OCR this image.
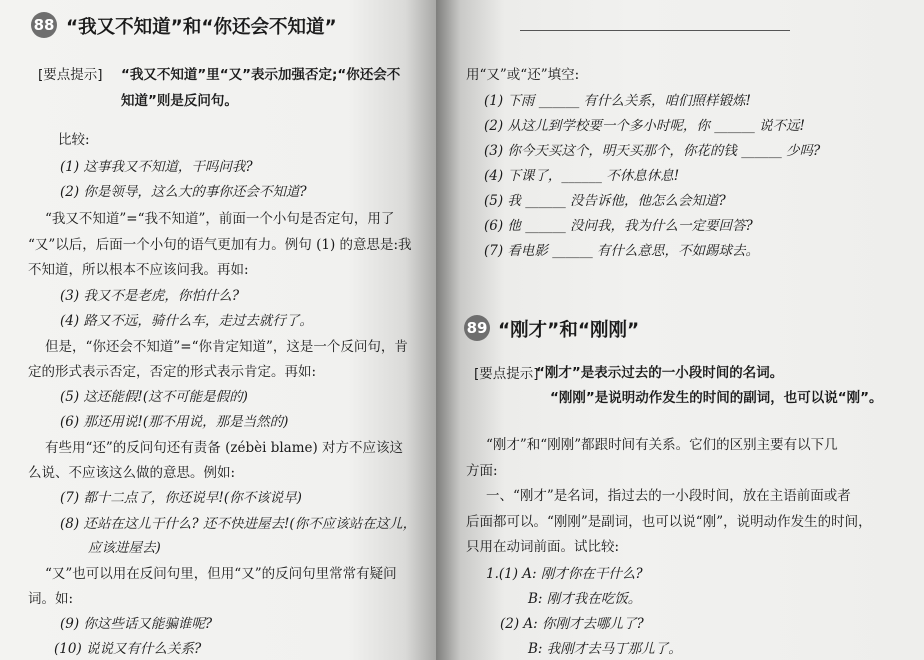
88 “我又不知道”和“你还会不知道”
[要点提示] “我又不知道”里“又”表示加强否定;“你还会不
知道”则是反问句。
比较:
(1) 这事我又不知道，干吗问我?
(2) 你是领导，这么大的事你还会不知道?
“我又不知道”=“我不知道”，前面一个小句是否定句，用了
“又”以后，后面一个小句的语气更加有力。例句 (1) 的意思是:我
不知道，所以根本不应该问我。再如:
(3) 我又不是老虎，你怕什么?
(4) 路又不远，骑什么车，走过去就行了。
但是，“你还会不知道”=“你肯定知道”，这是一个反问句，肯
定的形式表示否定，否定的形式表示肯定。再如:
(5) 这还能假!(这不可能是假的)
(6) 那还用说!(那不用说，那是当然的)
有些用“还”的反问句还有责备 (zébèi blame) 对方不应该这
么说、不应该这么做的意思。例如:
(7) 都十二点了，你还说早!(你不该说早)
(8) 还站在这儿干什么? 还不快进屋去!(你不应该站在这儿，
应该进屋去)
“又”也可以用在反问句里，但用“又”的反问句里常常有疑问
词。如:
(9) 你这些话又能骗谁呢?
(10) 说说又有什么关系?
用“又”或“还”填空:
(1) 下雨 ______ 有什么关系，咱们照样锻炼!
(2) 从这儿到学校要一个多小时呢，你 ______ 说不远!
(3) 你今天买这个，明天买那个，你花的钱 ______ 少吗?
(4) 下课了，______ 不休息休息!
(5) 我 ______ 没告诉他，他怎么会知道?
(6) 他 ______ 没问我，我为什么一定要回答?
(7) 看电影 ______ 有什么意思，不如踢球去。
89 “刚才”和“刚刚”
[要点提示]
“刚才”是表示过去的一小段时间的名词。
“刚刚”是说明动作发生的时间的副词，也可以说“刚”。
“刚才”和“刚刚”都跟时间有关系。它们的区别主要有以下几
方面:
一、“刚才”是名词，指过去的一小段时间，放在主语前面或者
后面都可以。“刚刚”是副词，也可以说“刚”，说明动作发生的时间，
只用在动词前面。试比较:
1.(1) A: 刚才你在干什么?
B: 刚才我在吃饭。
(2) A: 你刚才去哪儿了?
B: 我刚才去马丁那儿了。
